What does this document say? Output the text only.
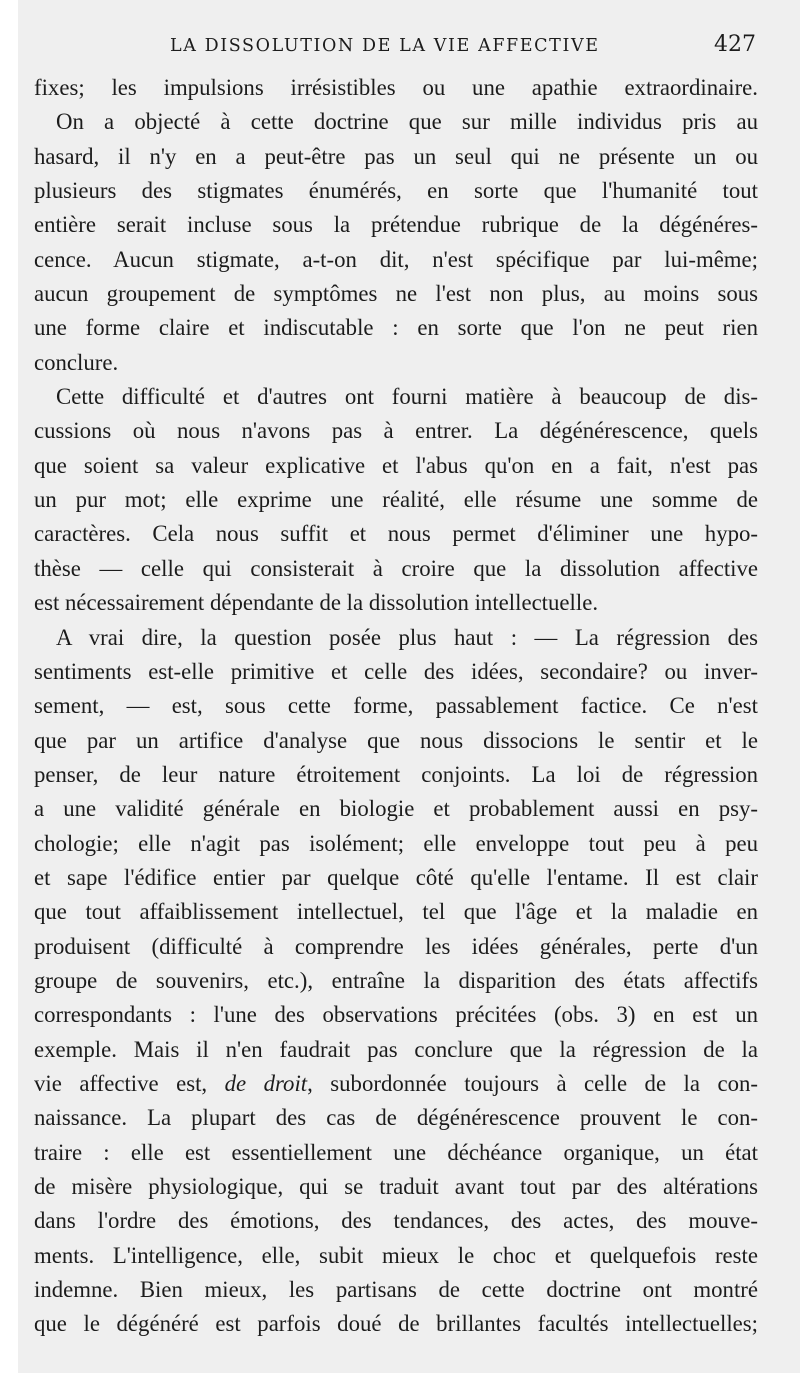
LA DISSOLUTION DE LA VIE AFFECTIVE	427
fixes; les impulsions irrésistibles ou une apathie extraordinaire.
On a objecté à cette doctrine que sur mille individus pris au
hasard, il n'y en a peut-être pas un seul qui ne présente un ou
plusieurs des stigmates énumérés, en sorte que l'humanité tout
entière serait incluse sous la prétendue rubrique de la dégénéres-
cence. Aucun stigmate, a-t-on dit, n'est spécifique par lui-même;
aucun groupement de symptômes ne l'est non plus, au moins sous
une forme claire et indiscutable : en sorte que l'on ne peut rien
conclure.
Cette difficulté et d'autres ont fourni matière à beaucoup de dis-
cussions où nous n'avons pas à entrer. La dégénérescence, quels
que soient sa valeur explicative et l'abus qu'on en a fait, n'est pas
un pur mot; elle exprime une réalité, elle résume une somme de
caractères. Cela nous suffit et nous permet d'éliminer une hypo-
thèse — celle qui consisterait à croire que la dissolution affective
est nécessairement dépendante de la dissolution intellectuelle.
A vrai dire, la question posée plus haut : — La régression des
sentiments est-elle primitive et celle des idées, secondaire? ou inver-
sement, — est, sous cette forme, passablement factice. Ce n'est
que par un artifice d'analyse que nous dissocions le sentir et le
penser, de leur nature étroitement conjoints. La loi de régression
a une validité générale en biologie et probablement aussi en psy-
chologie; elle n'agit pas isolément; elle enveloppe tout peu à peu
et sape l'édifice entier par quelque côté qu'elle l'entame. Il est clair
que tout affaiblissement intellectuel, tel que l'âge et la maladie en
produisent (difficulté à comprendre les idées générales, perte d'un
groupe de souvenirs, etc.), entraîne la disparition des états affectifs
correspondants : l'une des observations précitées (obs. 3) en est un
exemple. Mais il n'en faudrait pas conclure que la régression de la
vie affective est, de droit, subordonnée toujours à celle de la con-
naissance. La plupart des cas de dégénérescence prouvent le con-
traire : elle est essentiellement une déchéance organique, un état
de misère physiologique, qui se traduit avant tout par des altérations
dans l'ordre des émotions, des tendances, des actes, des mouve-
ments. L'intelligence, elle, subit mieux le choc et quelquefois reste
indemne. Bien mieux, les partisans de cette doctrine ont montré
que le dégénéré est parfois doué de brillantes facultés intellectuelles;
